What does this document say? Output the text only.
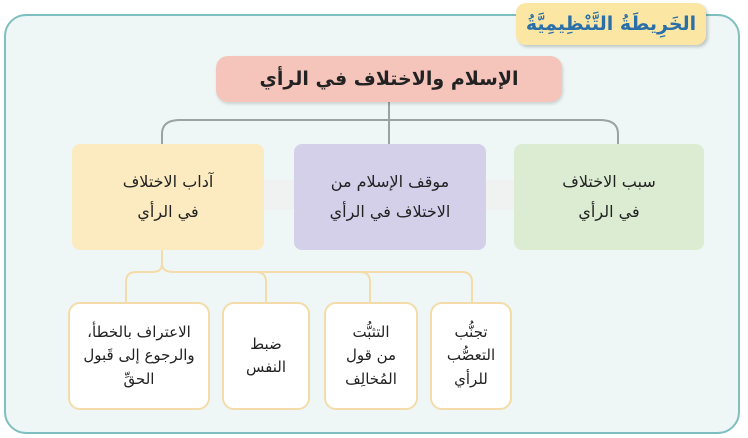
الخَرِيطَةُ التَّنْظِيمِيَّةُ
الإسلام والاختلاف في الرأي
سبب الاختلاف
في الرأي
موقف الإسلام من
الاختلاف في الرأي
آداب الاختلاف
في الرأي
تجنُّب
التعصُّب
للرأي
التثبُّت
من قول
المُخالِف
ضبط
النفس
الاعتراف بالخطأ،
والرجوع إلى قَبول
الحقِّ
